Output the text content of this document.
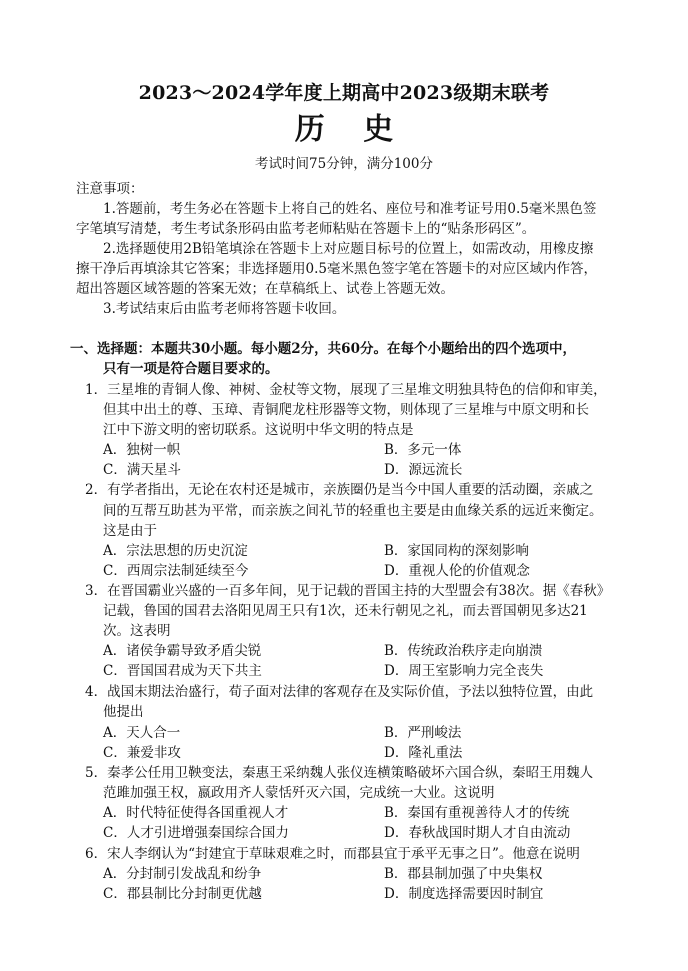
2023～2024学年度上期高中2023级期末联考
历 史
考试时间75分钟，满分100分
注意事项：
1.答题前，考生务必在答题卡上将自己的姓名、座位号和准考证号用0.5毫米黑色签
字笔填写清楚，考生考试条形码由监考老师粘贴在答题卡上的“贴条形码区”。
2.选择题使用2B铅笔填涂在答题卡上对应题目标号的位置上，如需改动，用橡皮擦
擦干净后再填涂其它答案；非选择题用0.5毫米黑色签字笔在答题卡的对应区域内作答，
超出答题区域答题的答案无效；在草稿纸上、试卷上答题无效。
3.考试结束后由监考老师将答题卡收回。
一、选择题：本题共30小题。每小题2分，共60分。在每个小题给出的四个选项中，
只有一项是符合题目要求的。
1．三星堆的青铜人像、神树、金杖等文物，展现了三星堆文明独具特色的信仰和审美，
但其中出土的尊、玉璋、青铜爬龙柱形器等文物，则体现了三星堆与中原文明和长
江中下游文明的密切联系。这说明中华文明的特点是
A．独树一帜	B．多元一体
C．满天星斗	D．源远流长
2．有学者指出，无论在农村还是城市，亲族圈仍是当今中国人重要的活动圈，亲戚之
间的互帮互助甚为平常，而亲族之间礼节的轻重也主要是由血缘关系的远近来衡定。
这是由于
A．宗法思想的历史沉淀	B．家国同构的深刻影响
C．西周宗法制延续至今	D．重视人伦的价值观念
3．在晋国霸业兴盛的一百多年间，见于记载的晋国主持的大型盟会有38次。据《春秋》
记载，鲁国的国君去洛阳见周王只有1次，还未行朝见之礼，而去晋国朝见多达21
次。这表明
A．诸侯争霸导致矛盾尖锐	B．传统政治秩序走向崩溃
C．晋国国君成为天下共主	D．周王室影响力完全丧失
4．战国末期法治盛行，荀子面对法律的客观存在及实际价值，予法以独特位置，由此
他提出
A．天人合一	B．严刑峻法
C．兼爱非攻	D．隆礼重法
5．秦孝公任用卫鞅变法，秦惠王采纳魏人张仪连横策略破坏六国合纵，秦昭王用魏人
范雎加强王权，嬴政用齐人蒙恬歼灭六国，完成统一大业。这说明
A．时代特征使得各国重视人才	B．秦国有重视善待人才的传统
C．人才引进增强秦国综合国力	D．春秋战国时期人才自由流动
6．宋人李纲认为“封建宜于草昧艰难之时，而郡县宜于承平无事之日”。他意在说明
A．分封制引发战乱和纷争	B．郡县制加强了中央集权
C．郡县制比分封制更优越	D．制度选择需要因时制宜
